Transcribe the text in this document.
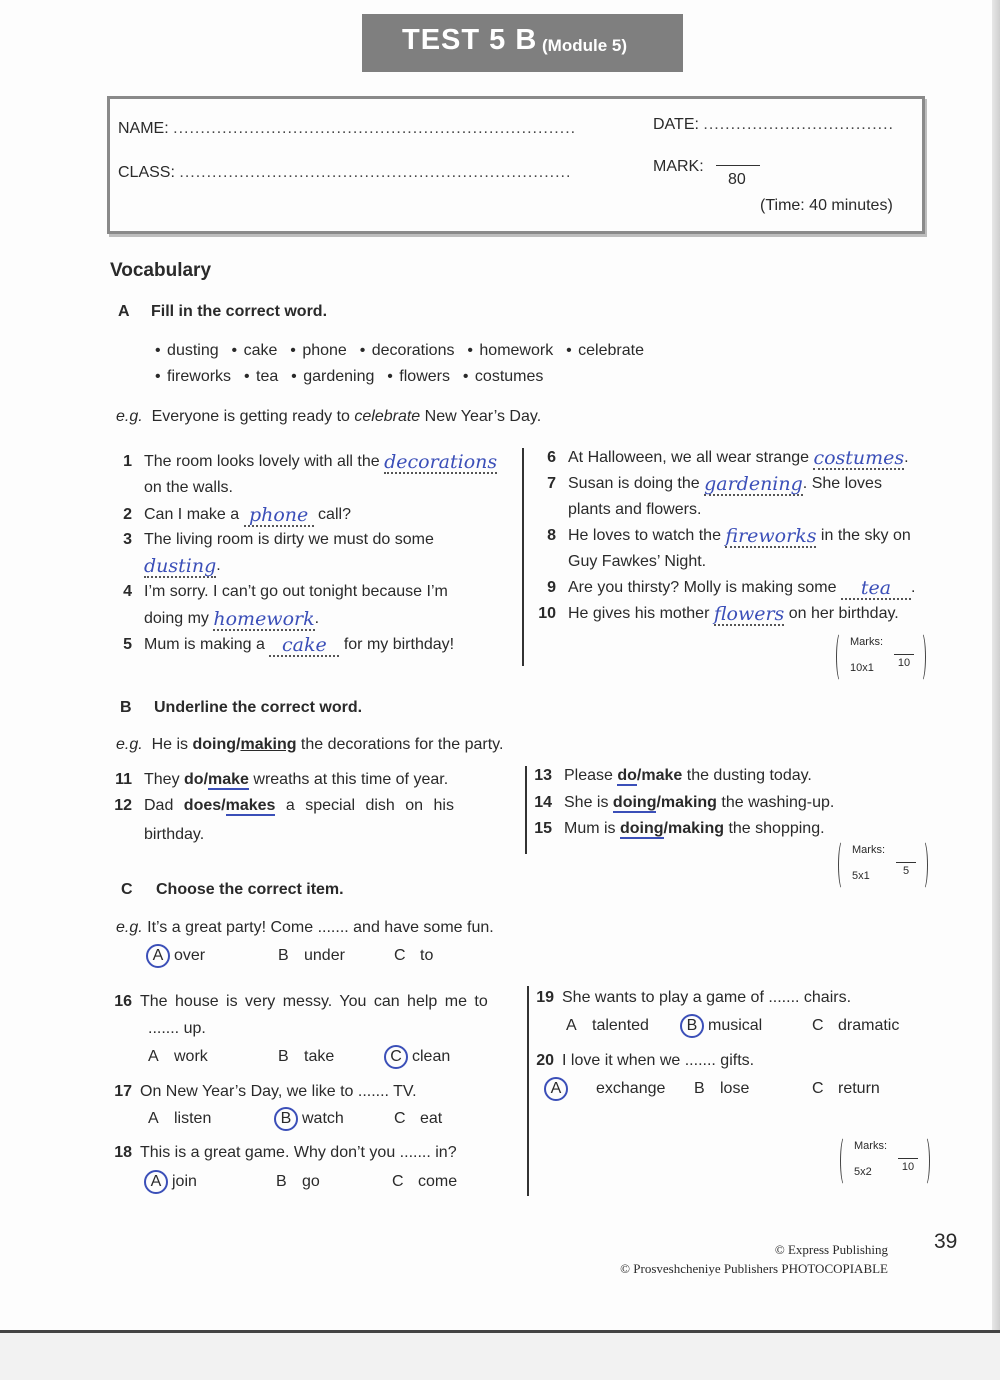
TEST 5 B (Module 5)
NAME: ..........................................................................	DATE: ...................................
CLASS: ........................................................................	MARK:
80
(Time: 40 minutes)
Vocabulary
A Fill in the correct word.
• dusting  • cake  • phone  • decorations  • homework  • celebrate
• fireworks  • tea  • gardening  • flowers  • costumes
e.g. Everyone is getting ready to celebrate New Year’s Day.
1 The room looks lovely with all the decorations
on the walls.
2 Can I make a phone call?
3 The living room is dirty we must do some
dusting.
4 I’m sorry. I can’t go out tonight because I’m
doing my homework.
5 Mum is making a cake for my birthday!
6 At Halloween, we all wear strange costumes.
7 Susan is doing the gardening. She loves
plants and flowers.
8 He loves to watch the fireworks in the sky on
Guy Fawkes’ Night.
9 Are you thirsty? Molly is making some tea .
10 He gives his mother flowers on her birthday.
Marks:
10x1	10
B Underline the correct word.
e.g. He is doing/making the decorations for the party.
11 They do/make wreaths at this time of year.
12 Dad does/makes a special dish on his
birthday.
13 Please do/make the dusting today.
14 She is doing/making the washing-up.
15 Mum is doing/making the shopping.
Marks:
5x1	5
C Choose the correct item.
e.g. It’s a great party! Come ....... and have some fun.
A over	B under	C to
16 The house is very messy. You can help me to
....... up.
A work	B take	C clean
17 On New Year’s Day, we like to ....... TV.
A listen	B watch	C eat
18 This is a great game. Why don’t you ....... in?
A join	B go	C come
19 She wants to play a game of ....... chairs.
A talented B musical	C dramatic
20 I love it when we ....... gifts.
A exchange B lose	C return
Marks:
5x2	10
© Express Publishing
© Prosveshcheniye Publishers PHOTOCOPIABLE
39
